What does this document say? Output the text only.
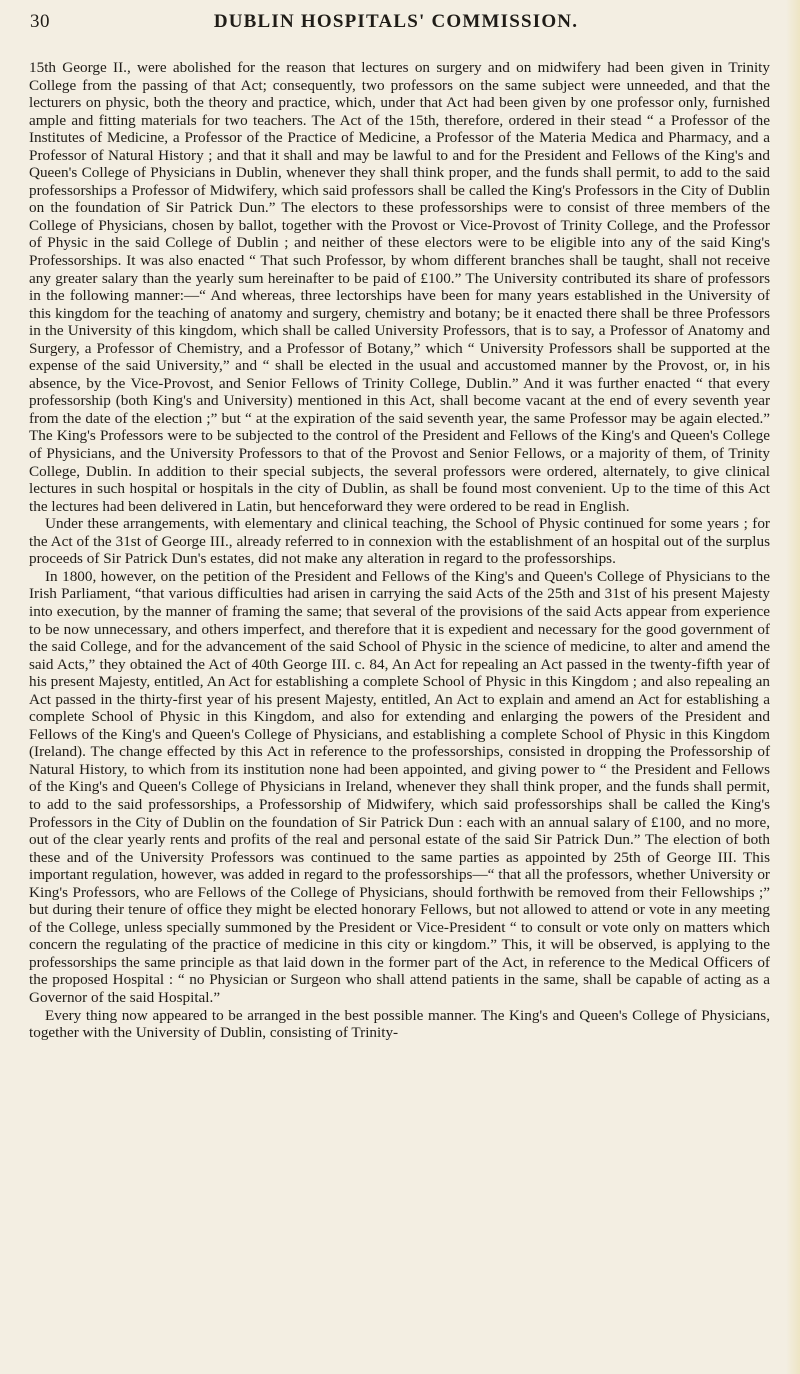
30	DUBLIN HOSPITALS' COMMISSION.

15th George II., were abolished for the reason that lectures on surgery and on midwifery had been given in Trinity College from the passing of that Act; consequently, two professors on the same subject were unneeded, and that the lecturers on physic, both the theory and practice, which, under that Act had been given by one professor only, furnished ample and fitting materials for two teachers. The Act of the 15th, therefore, ordered in their stead “ a Professor of the Institutes of Medicine, a Professor of the Practice of Medicine, a Professor of the Materia Medica and Pharmacy, and a Professor of Natural History ; and that it shall and may be lawful to and for the President and Fellows of the King's and Queen's College of Physicians in Dublin, whenever they shall think proper, and the funds shall permit, to add to the said professorships a Professor of Midwifery, which said professors shall be called the King's Professors in the City of Dublin on the foundation of Sir Patrick Dun.” The electors to these professorships were to consist of three members of the College of Physicians, chosen by ballot, together with the Provost or Vice-Provost of Trinity College, and the Professor of Physic in the said College of Dublin ; and neither of these electors were to be eligible into any of the said King's Professorships. It was also enacted “ That such Professor, by whom different branches shall be taught, shall not receive any greater salary than the yearly sum hereinafter to be paid of £100.” The University contributed its share of professors in the following manner:—“ And whereas, three lectorships have been for many years established in the University of this kingdom for the teaching of anatomy and surgery, chemistry and botany; be it enacted there shall be three Professors in the University of this kingdom, which shall be called University Professors, that is to say, a Professor of Anatomy and Surgery, a Professor of Chemistry, and a Professor of Botany,” which “ University Professors shall be supported at the expense of the said University,” and “ shall be elected in the usual and accustomed manner by the Provost, or, in his absence, by the Vice-Provost, and Senior Fellows of Trinity College, Dublin.” And it was further enacted “ that every professorship (both King's and University) mentioned in this Act, shall become vacant at the end of every seventh year from the date of the election ;” but “ at the expiration of the said seventh year, the same Professor may be again elected.” The King's Professors were to be subjected to the control of the President and Fellows of the King's and Queen's College of Physicians, and the University Professors to that of the Provost and Senior Fellows, or a majority of them, of Trinity College, Dublin. In addition to their special subjects, the several professors were ordered, alternately, to give clinical lectures in such hospital or hospitals in the city of Dublin, as shall be found most convenient. Up to the time of this Act the lectures had been delivered in Latin, but henceforward they were ordered to be read in English.

Under these arrangements, with elementary and clinical teaching, the School of Physic continued for some years ; for the Act of the 31st of George III., already referred to in connexion with the establishment of an hospital out of the surplus proceeds of Sir Patrick Dun's estates, did not make any alteration in regard to the professorships.

In 1800, however, on the petition of the President and Fellows of the King's and Queen's College of Physicians to the Irish Parliament, “that various difficulties had arisen in carrying the said Acts of the 25th and 31st of his present Majesty into execution, by the manner of framing the same; that several of the provisions of the said Acts appear from experience to be now unnecessary, and others imperfect, and therefore that it is expedient and necessary for the good government of the said College, and for the advancement of the said School of Physic in the science of medicine, to alter and amend the said Acts,” they obtained the Act of 40th George III. c. 84, An Act for repealing an Act passed in the twenty-fifth year of his present Majesty, entitled, An Act for establishing a complete School of Physic in this Kingdom ; and also repealing an Act passed in the thirty-first year of his present Majesty, entitled, An Act to explain and amend an Act for establishing a complete School of Physic in this Kingdom, and also for extending and enlarging the powers of the President and Fellows of the King's and Queen's College of Physicians, and establishing a complete School of Physic in this Kingdom (Ireland). The change effected by this Act in reference to the professorships, consisted in dropping the Professorship of Natural History, to which from its institution none had been appointed, and giving power to “ the President and Fellows of the King's and Queen's College of Physicians in Ireland, whenever they shall think proper, and the funds shall permit, to add to the said professorships, a Professorship of Midwifery, which said professorships shall be called the King's Professors in the City of Dublin on the foundation of Sir Patrick Dun : each with an annual salary of £100, and no more, out of the clear yearly rents and profits of the real and personal estate of the said Sir Patrick Dun.” The election of both these and of the University Professors was continued to the same parties as appointed by 25th of George III. This important regulation, however, was added in regard to the professorships—“ that all the professors, whether University or King's Professors, who are Fellows of the College of Physicians, should forthwith be removed from their Fellowships ;” but during their tenure of office they might be elected honorary Fellows, but not allowed to attend or vote in any meeting of the College, unless specially summoned by the President or Vice-President “ to consult or vote only on matters which concern the regulating of the practice of medicine in this city or kingdom.” This, it will be observed, is applying to the professorships the same principle as that laid down in the former part of the Act, in reference to the Medical Officers of the proposed Hospital : “ no Physician or Surgeon who shall attend patients in the same, shall be capable of acting as a Governor of the said Hospital.”

Every thing now appeared to be arranged in the best possible manner. The King's and Queen's College of Physicians, together with the University of Dublin, consisting of Trinity-
